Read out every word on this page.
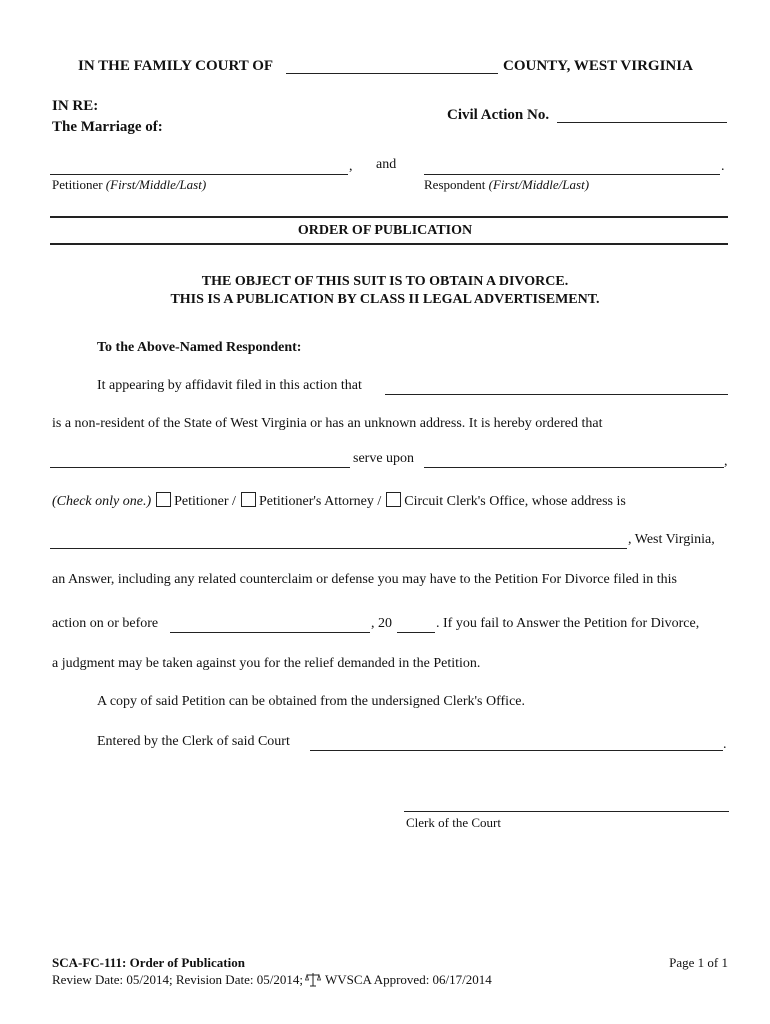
IN THE FAMILY COURT OF	COUNTY, WEST VIRGINIA
IN RE:
The Marriage of:
Civil Action No.
, and	.
Petitioner (First/Middle/Last)	Respondent (First/Middle/Last)
ORDER OF PUBLICATION
THE OBJECT OF THIS SUIT IS TO OBTAIN A DIVORCE.
THIS IS A PUBLICATION BY CLASS II LEGAL ADVERTISEMENT.
To the Above-Named Respondent:
It appearing by affidavit filed in this action that
is a non-resident of the State of West Virginia or has an unknown address. It is hereby ordered that
serve upon	,
(Check only one.) Petitioner / Petitioner's Attorney / Circuit Clerk's Office, whose address is
, West Virginia,
an Answer, including any related counterclaim or defense you may have to the Petition For Divorce filed in this
action on or before	, 20	. If you fail to Answer the Petition for Divorce,
a judgment may be taken against you for the relief demanded in the Petition.
A copy of said Petition can be obtained from the undersigned Clerk's Office.
Entered by the Clerk of said Court	.
Clerk of the Court
SCA-FC-111: Order of Publication
Review Date: 05/2014; Revision Date: 05/2014; WVSCA Approved: 06/17/2014
Page 1 of 1
